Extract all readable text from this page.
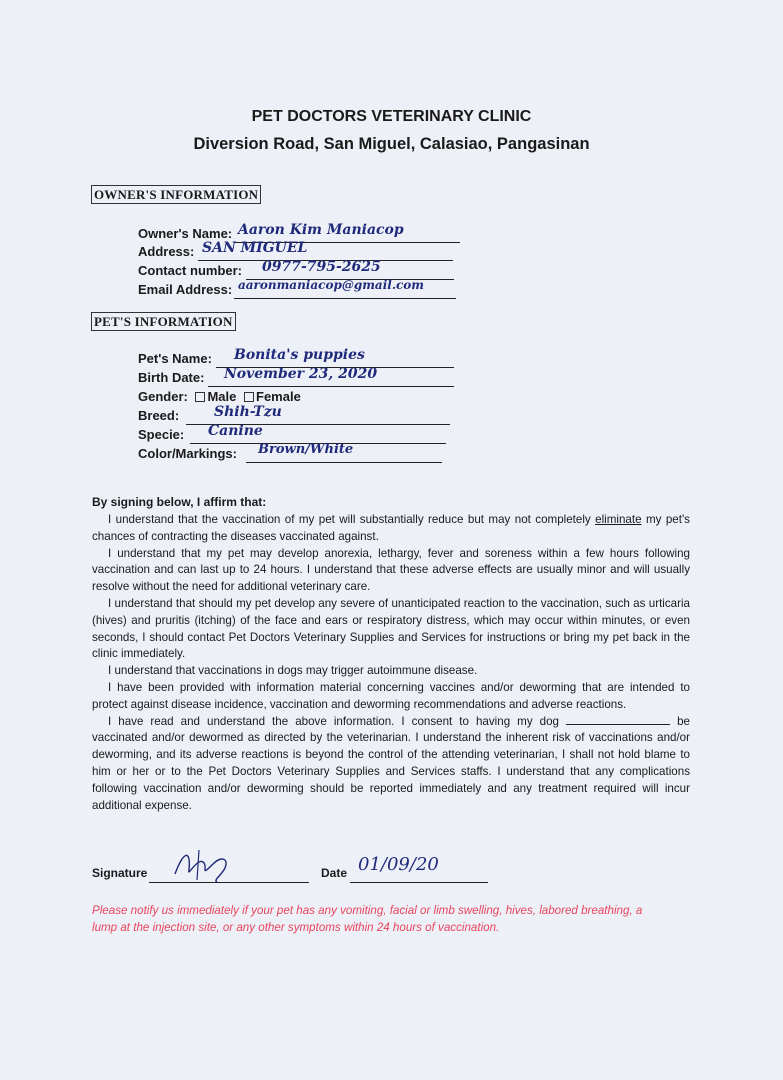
PET DOCTORS VETERINARY CLINIC
Diversion Road, San Miguel, Calasiao, Pangasinan
OWNER'S INFORMATION
Owner's Name: Aaron Kim Maniacop
Address: SAN MIGUEL
Contact number: 0977-795-2625
Email Address: aaronmaniacop@gmail.com
PET'S INFORMATION
Pet's Name: Bonita's puppies
Birth Date: November 23, 2020
Gender: Male Female
Breed: Shih-Tzu
Specie: Canine
Color/Markings: Brown/White
By signing below, I affirm that:

I understand that the vaccination of my pet will substantially reduce but may not completely eliminate my pet's chances of contracting the diseases vaccinated against.

I understand that my pet may develop anorexia, lethargy, fever and soreness within a few hours following vaccination and can last up to 24 hours. I understand that these adverse effects are usually minor and will usually resolve without the need for additional veterinary care.

I understand that should my pet develop any severe of unanticipated reaction to the vaccination, such as urticaria (hives) and pruritis (itching) of the face and ears or respiratory distress, which may occur within minutes, or even seconds, I should contact Pet Doctors Veterinary Supplies and Services for instructions or bring my pet back in the clinic immediately.

I understand that vaccinations in dogs may trigger autoimmune disease.

I have been provided with information material concerning vaccines and/or deworming that are intended to protect against disease incidence, vaccination and deworming recommendations and adverse reactions.

I have read and understand the above information. I consent to having my dog	be vaccinated and/or dewormed as directed by the veterinarian. I understand the inherent risk of vaccinations and/or deworming, and its adverse reactions is beyond the control of the attending veterinarian, I shall not hold blame to him or her or to the Pet Doctors Veterinary Supplies and Services staffs. I understand that any complications following vaccination and/or deworming should be reported immediately and any treatment required will incur additional expense.

Signature	Date 01/09/20
Please notify us immediately if your pet has any vomiting, facial or limb swelling, hives, labored breathing, a lump at the injection site, or any other symptoms within 24 hours of vaccination.
